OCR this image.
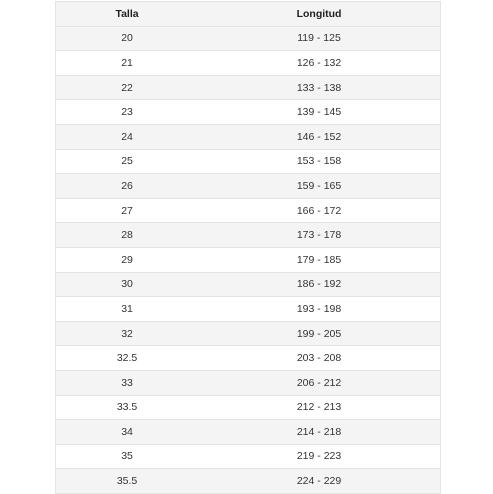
Talla	Longitud
20	119 - 125
21	126 - 132
22	133 - 138
23	139 - 145
24	146 - 152
25	153 - 158
26	159 - 165
27	166 - 172
28	173 - 178
29	179 - 185
30	186 - 192
31	193 - 198
32	199 - 205
32.5	203 - 208
33	206 - 212
33.5	212 - 213
34	214 - 218
35	219 - 223
35.5	224 - 229
